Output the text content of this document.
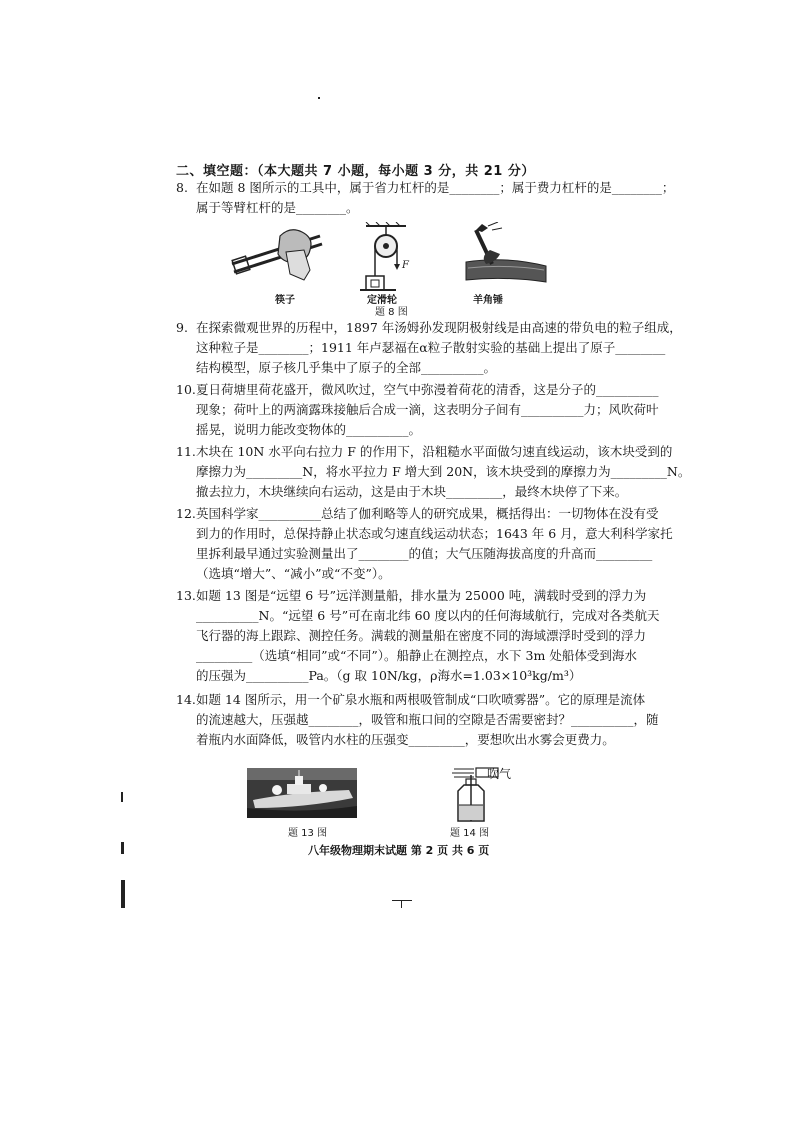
二、填空题：（本大题共 7 小题，每小题 3 分，共 21 分）
8. 在如题 8 图所示的工具中，属于省力杠杆的是________；属于费力杠杆的是________；
属于等臂杠杆的是________。
F
筷子	定滑轮	羊角锤
题 8 图
9. 在探索微观世界的历程中，1897 年汤姆孙发现阴极射线是由高速的带负电的粒子组成，
这种粒子是________；1911 年卢瑟福在α粒子散射实验的基础上提出了原子________
结构模型，原子核几乎集中了原子的全部__________。
10.夏日荷塘里荷花盛开，微风吹过，空气中弥漫着荷花的清香，这是分子的__________
现象；荷叶上的两滴露珠接触后合成一滴，这表明分子间有__________力；风吹荷叶
摇晃，说明力能改变物体的__________。
11.木块在 10N 水平向右拉力 F 的作用下，沿粗糙水平面做匀速直线运动，该木块受到的
摩擦力为_________N，将水平拉力 F 增大到 20N，该木块受到的摩擦力为_________N。
撤去拉力，木块继续向右运动，这是由于木块_________，最终木块停了下来。
12.英国科学家__________总结了伽利略等人的研究成果，概括得出：一切物体在没有受
到力的作用时，总保持静止状态或匀速直线运动状态；1643 年 6 月，意大利科学家托
里拆利最早通过实验测量出了________的值；大气压随海拔高度的升高而_________
（选填“增大”、“减小”或“不变”）。
13.如题 13 图是“远望 6 号”远洋测量船，排水量为 25000 吨，满载时受到的浮力为
__________N。“远望 6 号”可在南北纬 60 度以内的任何海域航行，完成对各类航天
飞行器的海上跟踪、测控任务。满载的测量船在密度不同的海域漂浮时受到的浮力
_________（选填“相同”或“不同”）。船静止在测控点，水下 3m 处船体受到海水
的压强为__________Pa。（g 取 10N/kg，ρ海水=1.03×10³kg/m³）
14.如题 14 图所示，用一个矿泉水瓶和两根吸管制成“口吹喷雾器”。它的原理是流体
的流速越大，压强越________，吸管和瓶口间的空隙是否需要密封？__________，随
着瓶内水面降低，吸管内水柱的压强变_________，要想吹出水雾会更费力。
题 13 图
吹气
题 14 图
八年级物理期末试题 第 2 页 共 6 页
